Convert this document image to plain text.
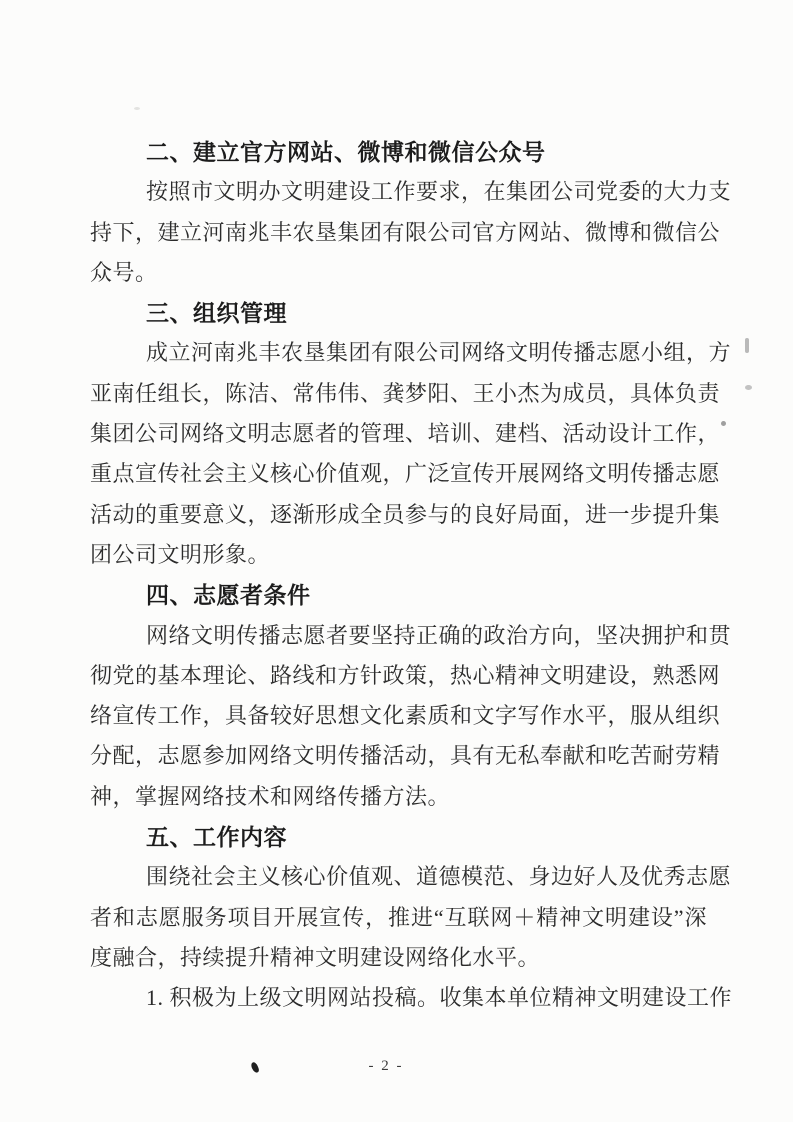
二、建立官方网站、微博和微信公众号
按照市文明办文明建设工作要求，在集团公司党委的大力支
持下，建立河南兆丰农垦集团有限公司官方网站、微博和微信公
众号。
三、组织管理
成立河南兆丰农垦集团有限公司网络文明传播志愿小组，方
亚南任组长，陈洁、常伟伟、龚梦阳、王小杰为成员，具体负责
集团公司网络文明志愿者的管理、培训、建档、活动设计工作，
重点宣传社会主义核心价值观，广泛宣传开展网络文明传播志愿
活动的重要意义，逐渐形成全员参与的良好局面，进一步提升集
团公司文明形象。
四、志愿者条件
网络文明传播志愿者要坚持正确的政治方向，坚决拥护和贯
彻党的基本理论、路线和方针政策，热心精神文明建设，熟悉网
络宣传工作，具备较好思想文化素质和文字写作水平，服从组织
分配，志愿参加网络文明传播活动，具有无私奉献和吃苦耐劳精
神，掌握网络技术和网络传播方法。
五、工作内容
围绕社会主义核心价值观、道德模范、身边好人及优秀志愿
者和志愿服务项目开展宣传，推进“互联网＋精神文明建设”深
度融合，持续提升精神文明建设网络化水平。
1. 积极为上级文明网站投稿。收集本单位精神文明建设工作
- 2 -
